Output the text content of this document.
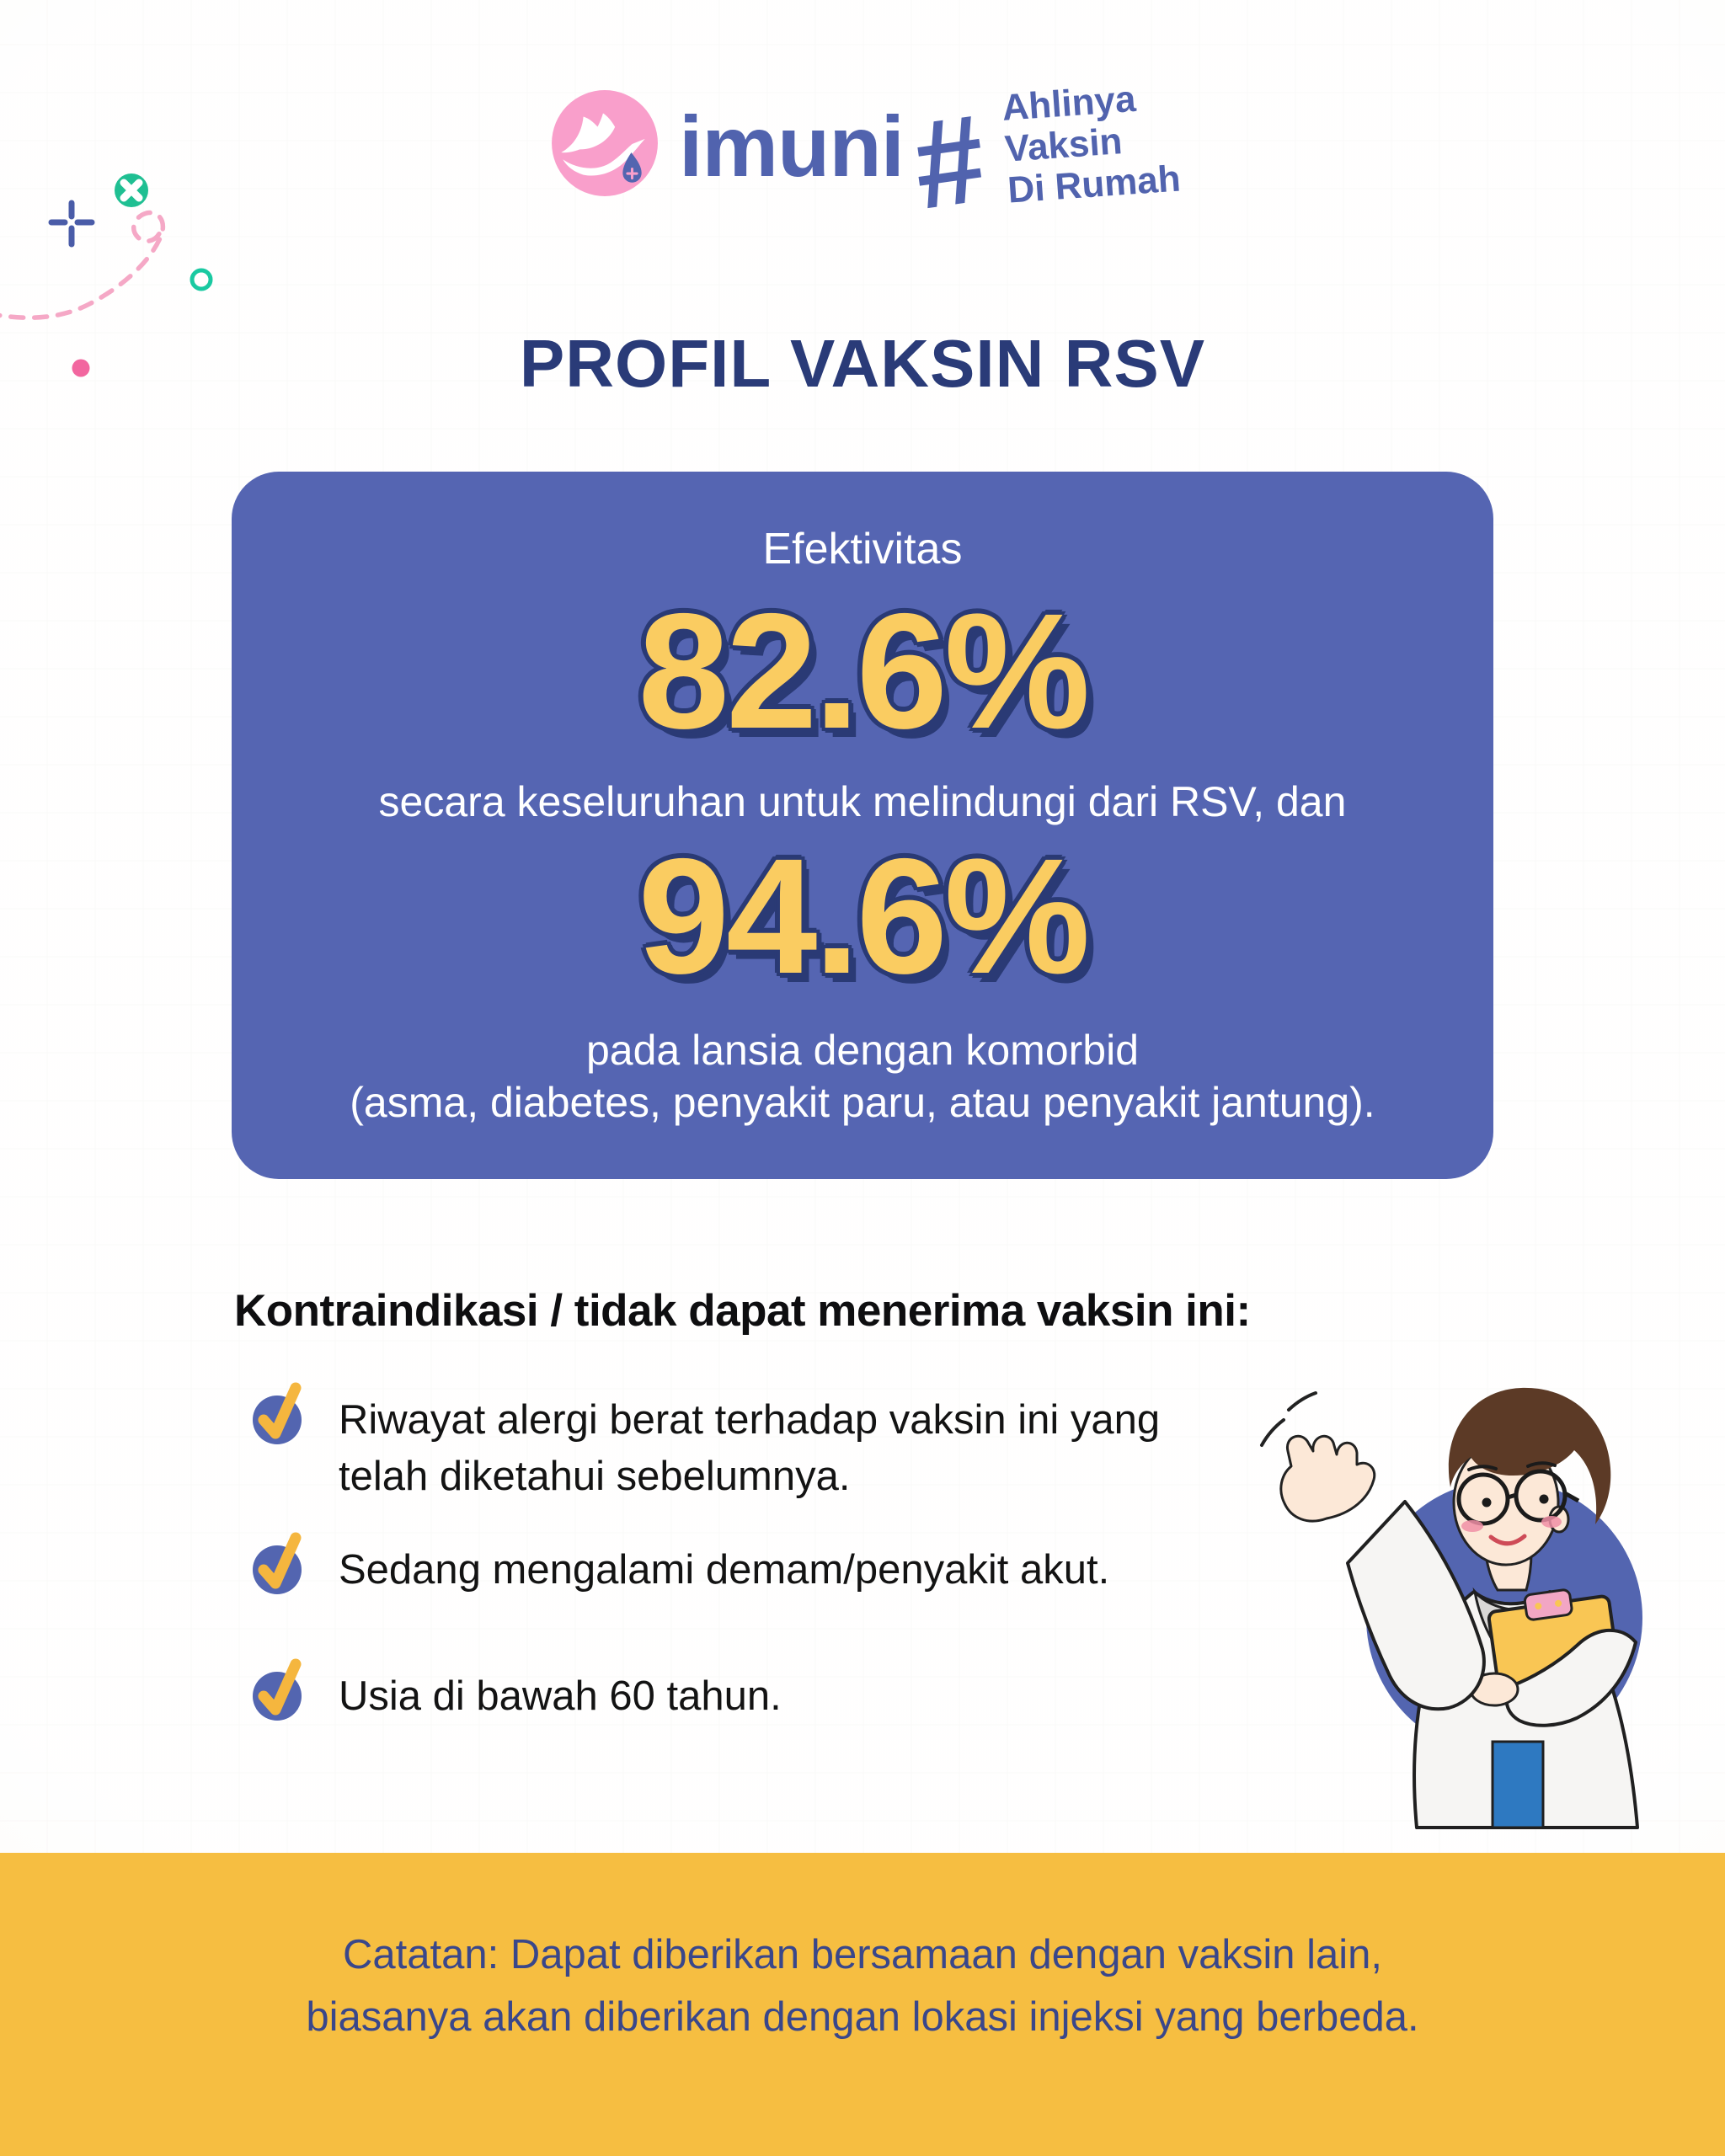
imuni # Ahlinya
Vaksin
Di Rumah
PROFIL VAKSIN RSV
Efektivitas
82.6%
secara keseluruhan untuk melindungi dari RSV, dan
94.6%
pada lansia dengan komorbid
(asma, diabetes, penyakit paru, atau penyakit jantung).
Kontraindikasi / tidak dapat menerima vaksin ini:
Riwayat alergi berat terhadap vaksin ini yang
telah diketahui sebelumnya.
Sedang mengalami demam/penyakit akut.
Usia di bawah 60 tahun.
Catatan: Dapat diberikan bersamaan dengan vaksin lain,
biasanya akan diberikan dengan lokasi injeksi yang berbeda.
